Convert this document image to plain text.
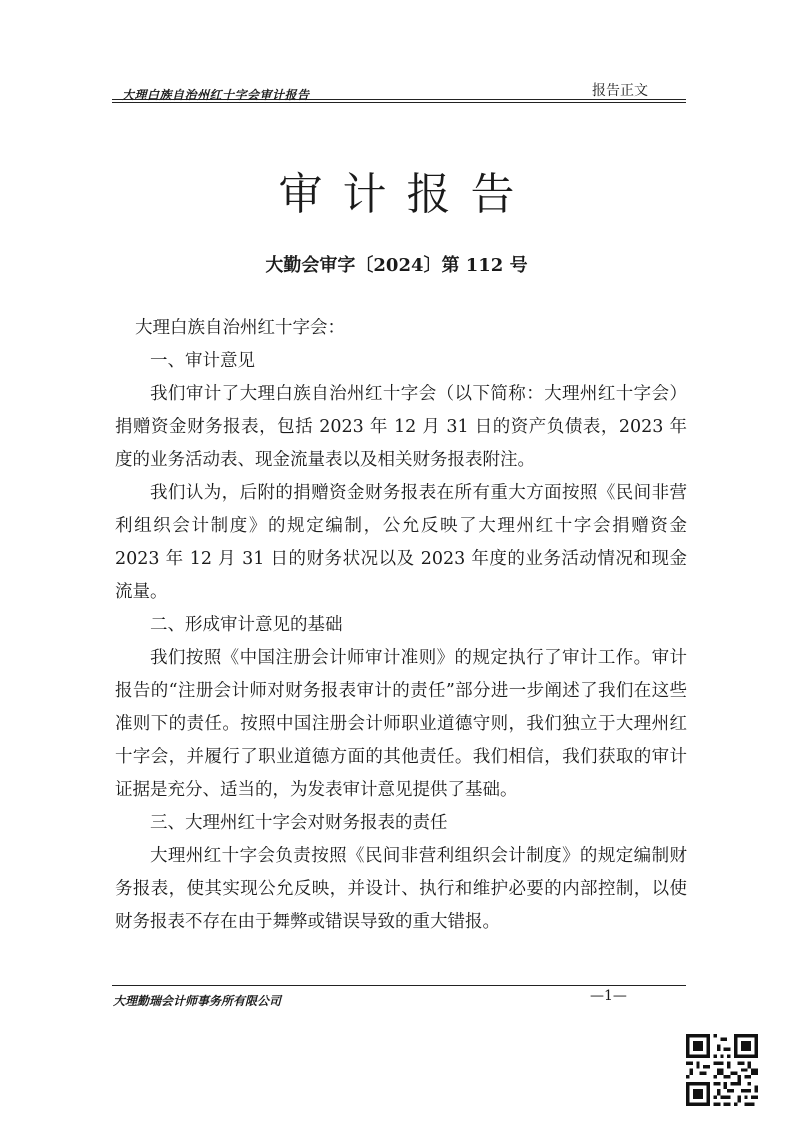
大理白族自治州红十字会审计报告	报告正文
审计报告
大勤会审字〔2024〕第 112 号

大理白族自治州红十字会：

一、审计意见

我们审计了大理白族自治州红十字会（以下简称：大理州红十字会）捐赠资金财务报表，包括 2023 年 12 月 31 日的资产负债表，2023 年度的业务活动表、现金流量表以及相关财务报表附注。

我们认为，后附的捐赠资金财务报表在所有重大方面按照《民间非营利组织会计制度》的规定编制，公允反映了大理州红十字会捐赠资金 2023 年 12 月 31 日的财务状况以及 2023 年度的业务活动情况和现金流量。

二、形成审计意见的基础

我们按照《中国注册会计师审计准则》的规定执行了审计工作。审计报告的“注册会计师对财务报表审计的责任”部分进一步阐述了我们在这些准则下的责任。按照中国注册会计师职业道德守则，我们独立于大理州红十字会，并履行了职业道德方面的其他责任。我们相信，我们获取的审计证据是充分、适当的，为发表审计意见提供了基础。

三、大理州红十字会对财务报表的责任

大理州红十字会负责按照《民间非营利组织会计制度》的规定编制财务报表，使其实现公允反映，并设计、执行和维护必要的内部控制，以使财务报表不存在由于舞弊或错误导致的重大错报。

大理勤瑞会计师事务所有限公司	—1—
